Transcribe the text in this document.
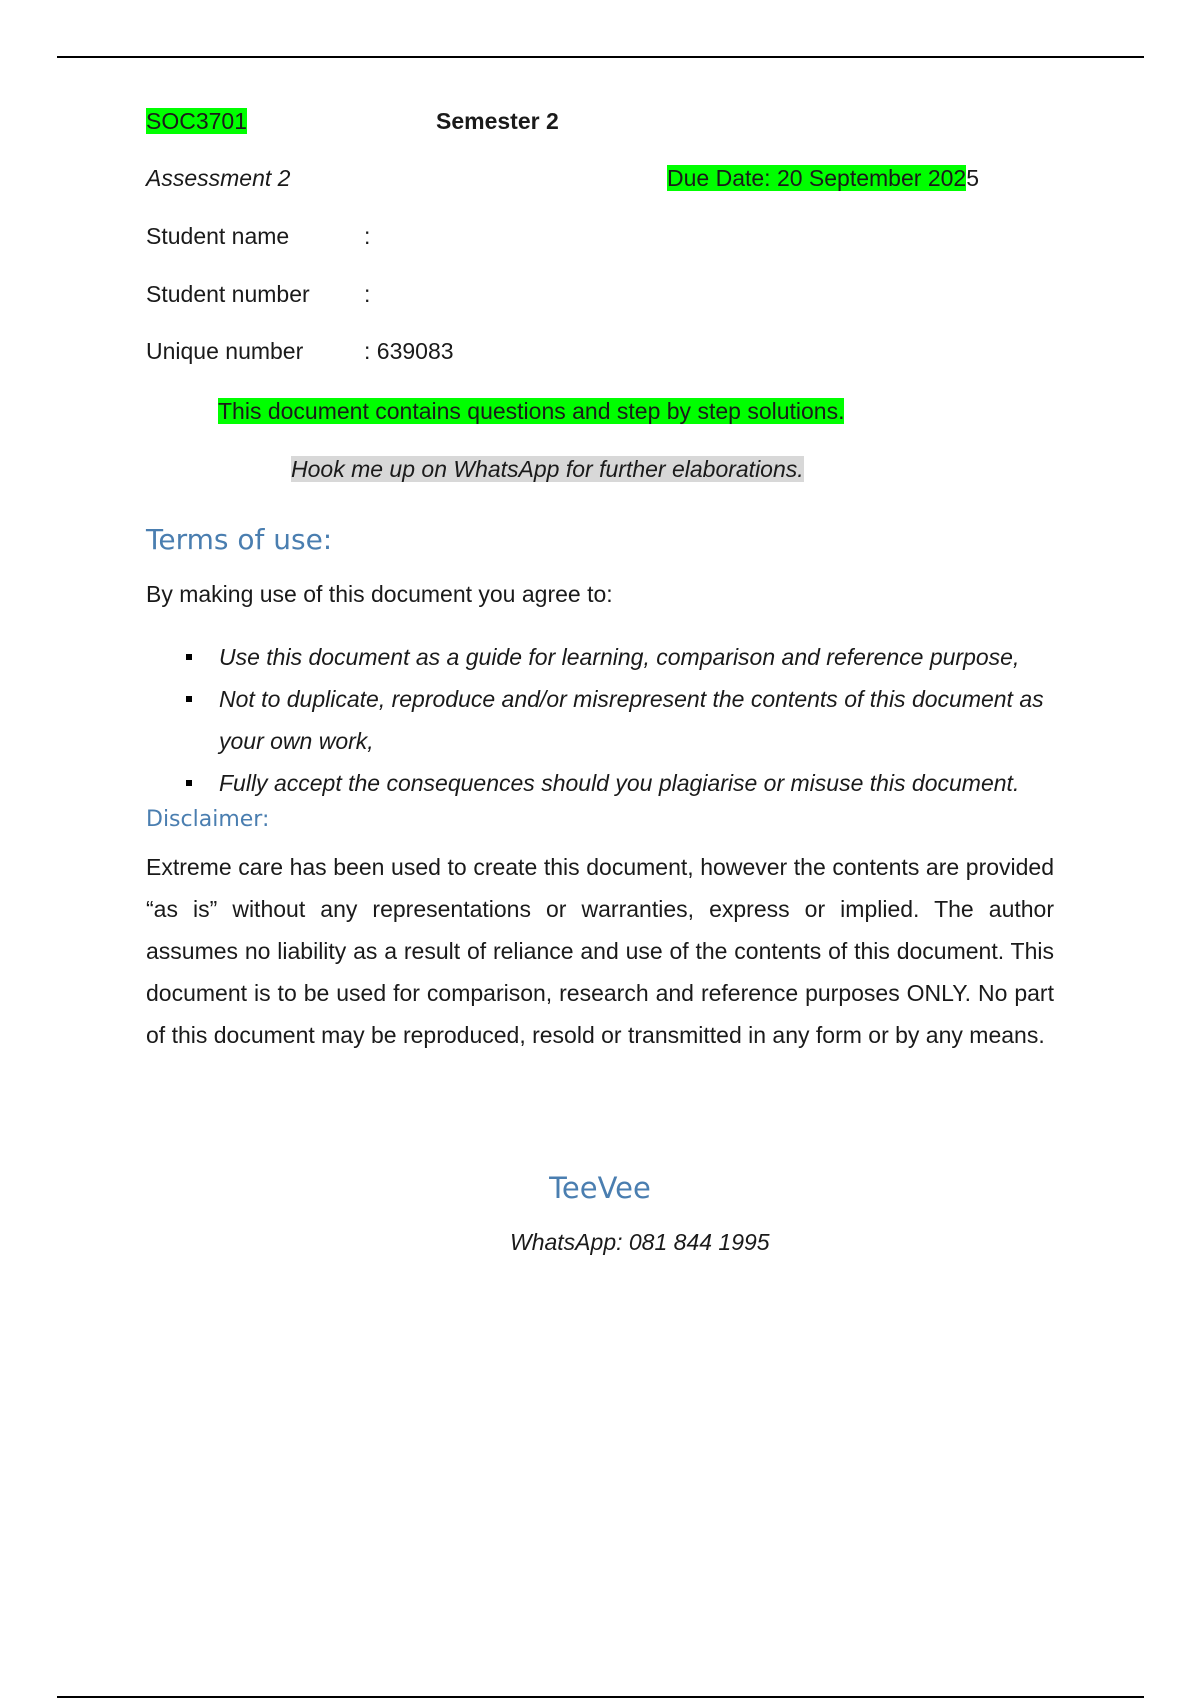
SOC3701	Semester 2
Assessment 2	Due Date: 20 September 2025
Student name	:
Student number :
Unique number	: 639083
This document contains questions and step by step solutions.
Hook me up on WhatsApp for further elaborations.
Terms of use:
By making use of this document you agree to:
Use this document as a guide for learning, comparison and reference purpose,
Not to duplicate, reproduce and/or misrepresent the contents of this document as your own work,
Fully accept the consequences should you plagiarise or misuse this document.
Disclaimer:

Extreme care has been used to create this document, however the contents are provided “as is” without any representations or warranties, express or implied. The author assumes no liability as a result of reliance and use of the contents of this document. This document is to be used for comparison, research and reference purposes ONLY. No part of this document may be reproduced, resold or transmitted in any form or by any means.

TeeVee
WhatsApp: 081 844 1995
